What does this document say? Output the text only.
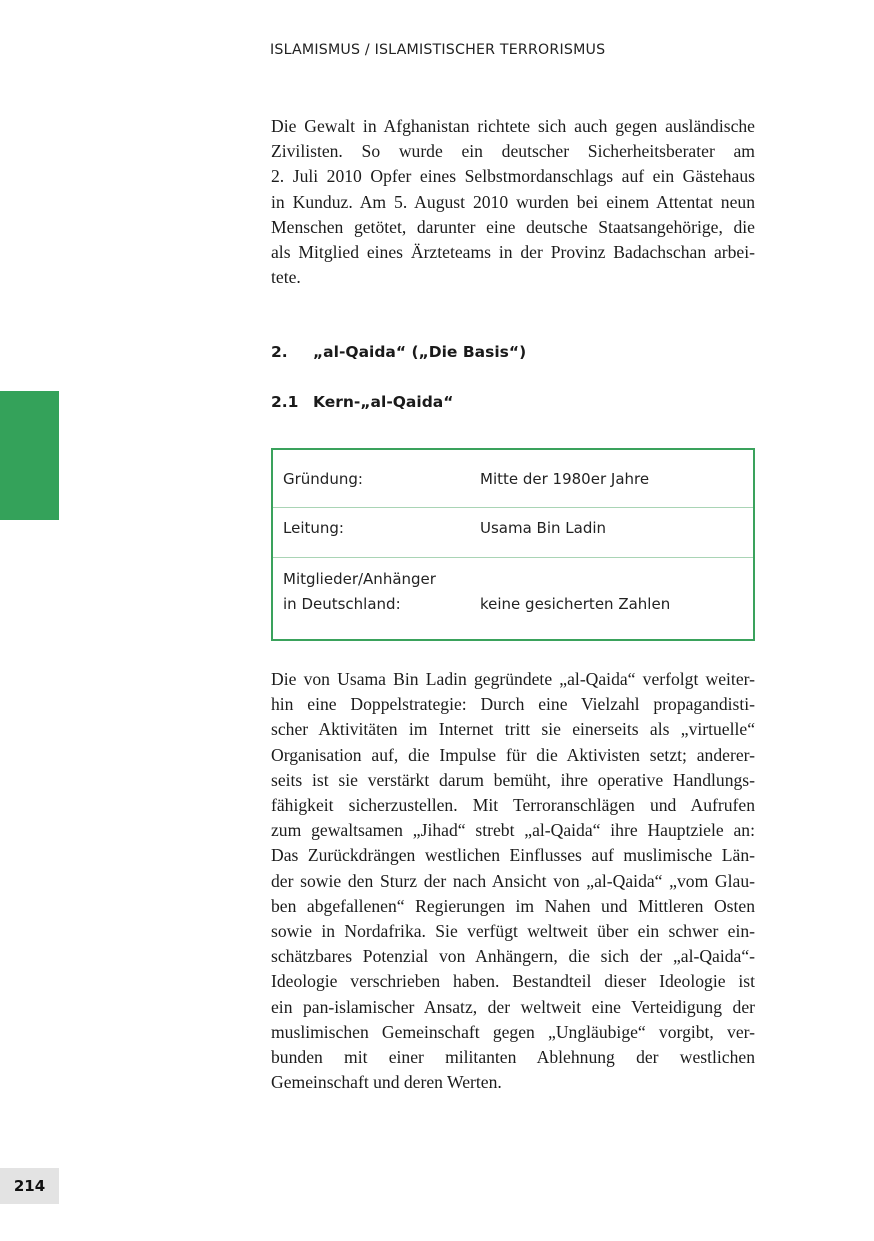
ISLAMISMUS / ISLAMISTISCHER TERRORISMUS

Die Gewalt in Afghanistan richtete sich auch gegen ausländische
Zivilisten. So wurde ein deutscher Sicherheitsberater am
2. Juli 2010 Opfer eines Selbstmordanschlags auf ein Gästehaus
in Kunduz. Am 5. August 2010 wurden bei einem Attentat neun
Menschen getötet, darunter eine deutsche Staatsangehörige, die
als Mitglied eines Ärzteteams in der Provinz Badachschan arbei-
tete.

2. „al-Qaida“ („Die Basis“)
2.1 Kern-„al-Qaida“
Gründung:	Mitte der 1980er Jahre
Leitung:	Usama Bin Ladin
Mitglieder/Anhänger
in Deutschland:	keine gesicherten Zahlen

Die von Usama Bin Ladin gegründete „al-Qaida“ verfolgt weiter-
hin eine Doppelstrategie: Durch eine Vielzahl propagandisti-
scher Aktivitäten im Internet tritt sie einerseits als „virtuelle“
Organisation auf, die Impulse für die Aktivisten setzt; anderer-
seits ist sie verstärkt darum bemüht, ihre operative Handlungs-
fähigkeit sicherzustellen. Mit Terroranschlägen und Aufrufen
zum gewaltsamen „Jihad“ strebt „al-Qaida“ ihre Hauptziele an:
Das Zurückdrängen westlichen Einflusses auf muslimische Län-
der sowie den Sturz der nach Ansicht von „al-Qaida“ „vom Glau-
ben abgefallenen“ Regierungen im Nahen und Mittleren Osten
sowie in Nordafrika. Sie verfügt weltweit über ein schwer ein-
schätzbares Potenzial von Anhängern, die sich der „al-Qaida“-
Ideologie verschrieben haben. Bestandteil dieser Ideologie ist
ein pan-islamischer Ansatz, der weltweit eine Verteidigung der
muslimischen Gemeinschaft gegen „Ungläubige“ vorgibt, ver-
bunden mit einer militanten Ablehnung der westlichen
Gemeinschaft und deren Werten.

214
